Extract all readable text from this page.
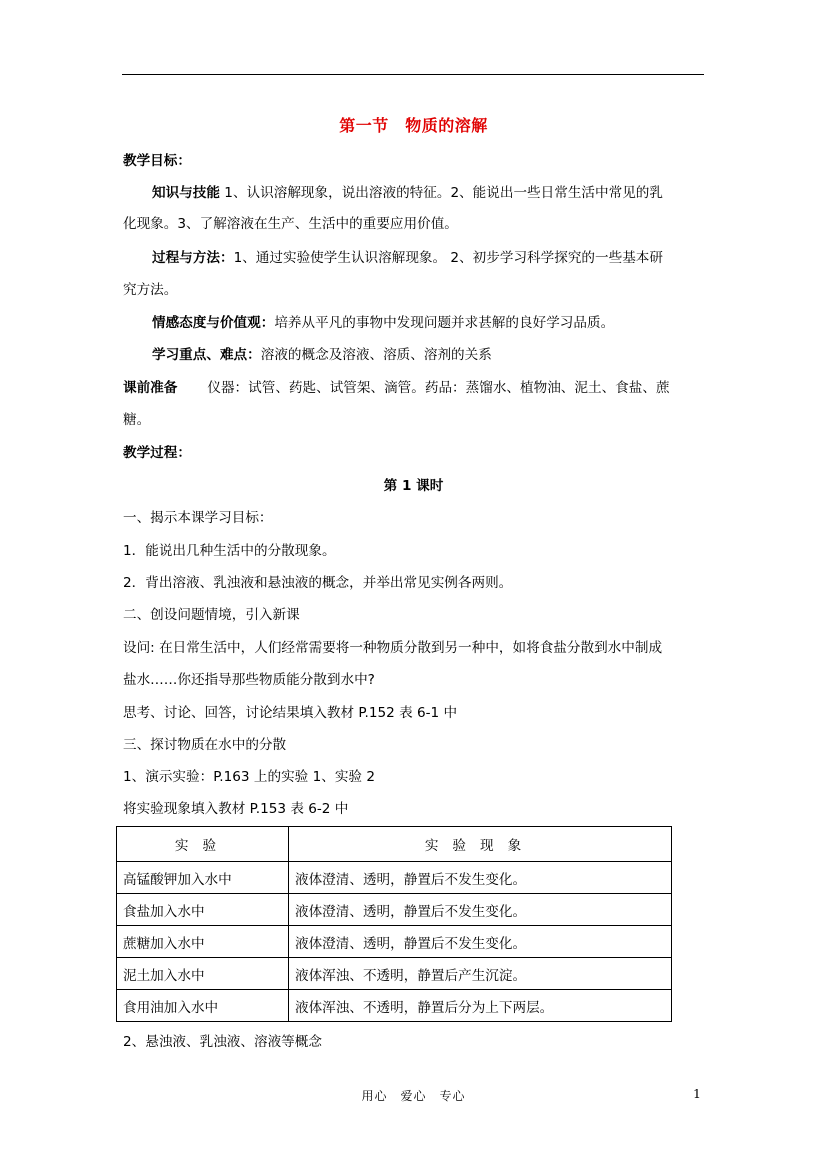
第一节　物质的溶解
教学目标：
知识与技能 1、认识溶解现象，说出溶液的特征。2、能说出一些日常生活中常见的乳
化现象。3、了解溶液在生产、生活中的重要应用价值。
过程与方法：1、通过实验使学生认识溶解现象。 2、初步学习科学探究的一些基本研
究方法。
情感态度与价值观：培养从平凡的事物中发现问题并求甚解的良好学习品质。
学习重点、难点：溶液的概念及溶液、溶质、溶剂的关系
课前准备 仪器：试管、药匙、试管架、滴管。药品：蒸馏水、植物油、泥土、食盐、蔗
糖。
教学过程：
第 1 课时
一、揭示本课学习目标：
1．能说出几种生活中的分散现象。
2．背出溶液、乳浊液和悬浊液的概念，并举出常见实例各两则。
二、创设问题情境，引入新课
设问: 在日常生活中，人们经常需要将一种物质分散到另一种中，如将食盐分散到水中制成
盐水……你还指导那些物质能分散到水中?
思考、讨论、回答，讨论结果填入教材 P.152 表 6-1 中
三、探讨物质在水中的分散
1、演示实验：P.163 上的实验 1、实验 2
将实验现象填入教材 P.153 表 6-2 中
实验	实验现象
高锰酸钾加入水中	液体澄清、透明，静置后不发生变化。
食盐加入水中	液体澄清、透明，静置后不发生变化。
蔗糖加入水中	液体澄清、透明，静置后不发生变化。
泥土加入水中	液体浑浊、不透明，静置后产生沉淀。
食用油加入水中	液体浑浊、不透明，静置后分为上下两层。
2、悬浊液、乳浊液、溶液等概念
用心　爱心　专心	1
